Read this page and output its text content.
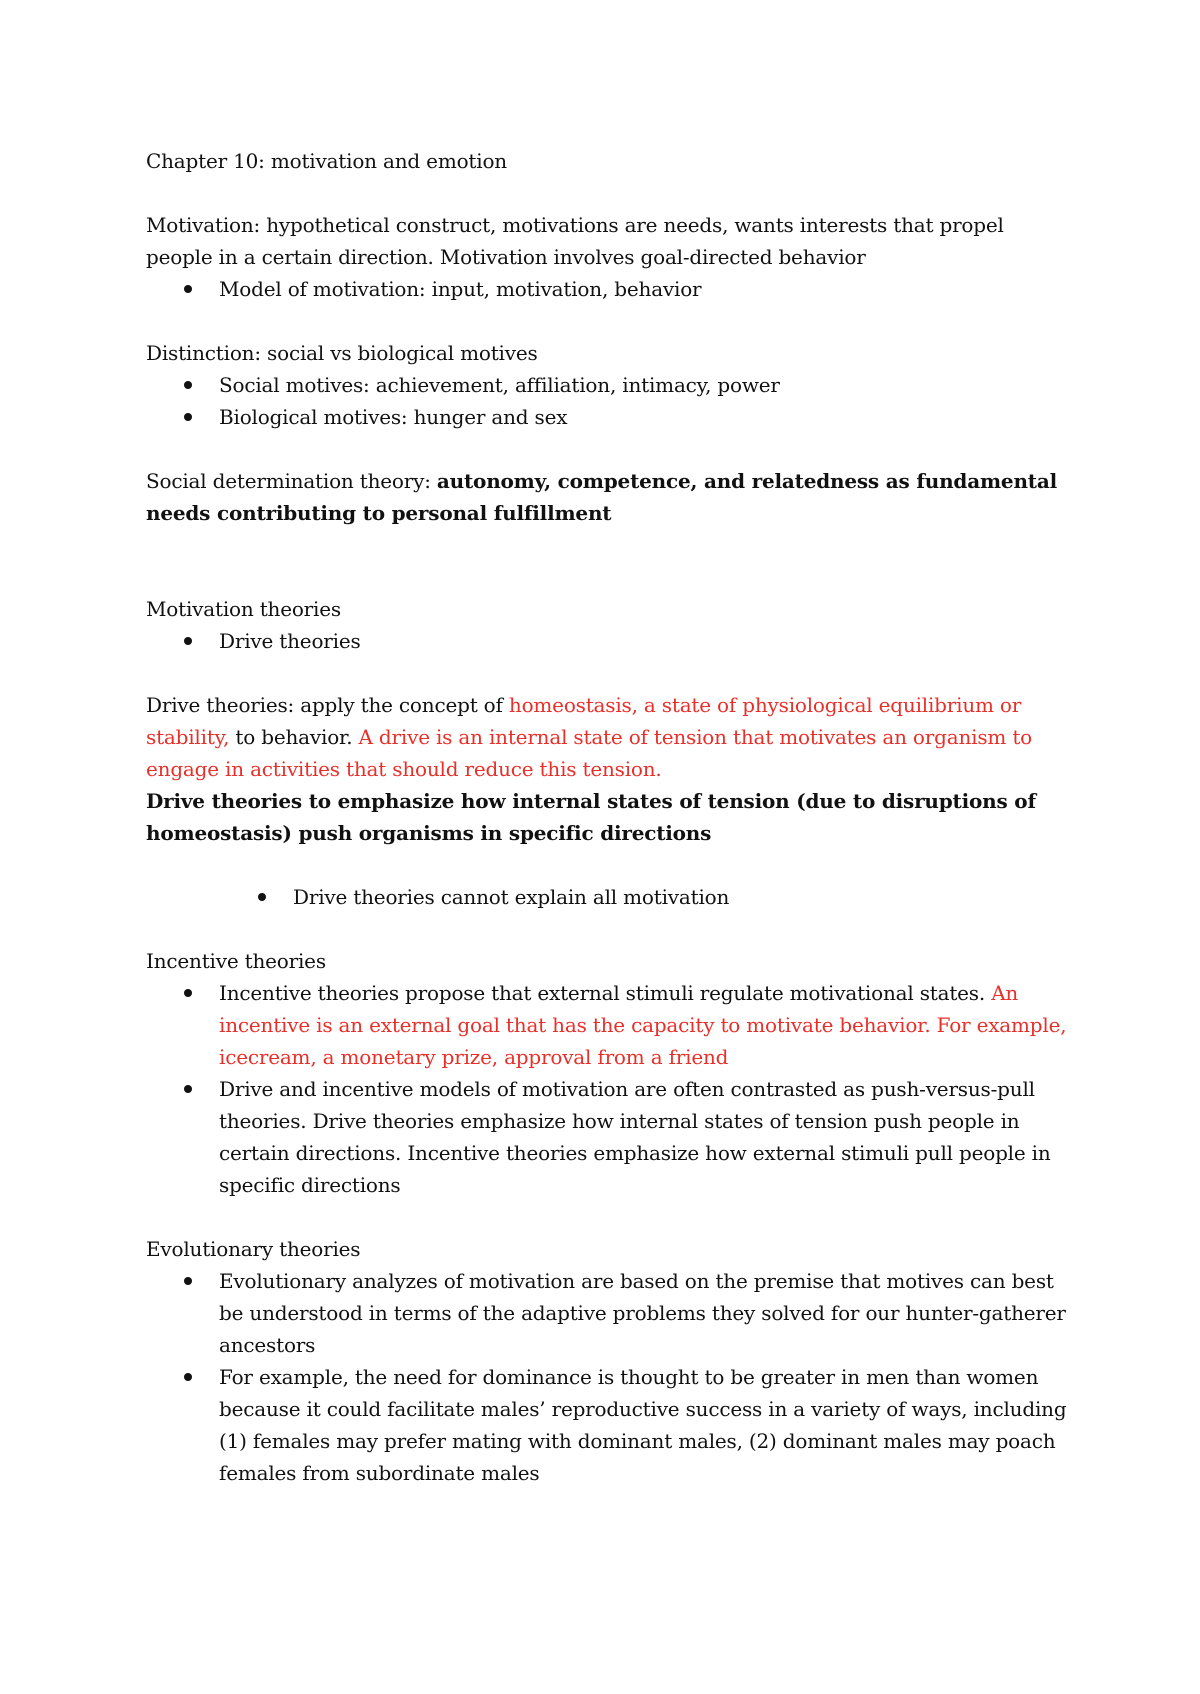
Chapter 10: motivation and emotion

Motivation: hypothetical construct, motivations are needs, wants interests that propel people in a certain direction. Motivation involves goal-directed behavior

Model of motivation: input, motivation, behavior

Distinction: social vs biological motives

Social motives: achievement, affiliation, intimacy, power
Biological motives: hunger and sex

Social determination theory: autonomy, competence, and relatedness as fundamental needs contributing to personal fulfillment

Motivation theories

Drive theories

Drive theories: apply the concept of homeostasis, a state of physiological equilibrium or stability, to behavior. A drive is an internal state of tension that motivates an organism to engage in activities that should reduce this tension.

Drive theories to emphasize how internal states of tension (due to disruptions of homeostasis) push organisms in specific directions

Drive theories cannot explain all motivation

Incentive theories

Incentive theories propose that external stimuli regulate motivational states. An incentive is an external goal that has the capacity to motivate behavior. For example, icecream, a monetary prize, approval from a friend
Drive and incentive models of motivation are often contrasted as push-versus-pull theories. Drive theories emphasize how internal states of tension push people in certain directions. Incentive theories emphasize how external stimuli pull people in specific directions

Evolutionary theories

Evolutionary analyzes of motivation are based on the premise that motives can best be understood in terms of the adaptive problems they solved for our hunter-gatherer ancestors
For example, the need for dominance is thought to be greater in men than women because it could facilitate males’ reproductive success in a variety of ways, including (1) females may prefer mating with dominant males, (2) dominant males may poach females from subordinate males
